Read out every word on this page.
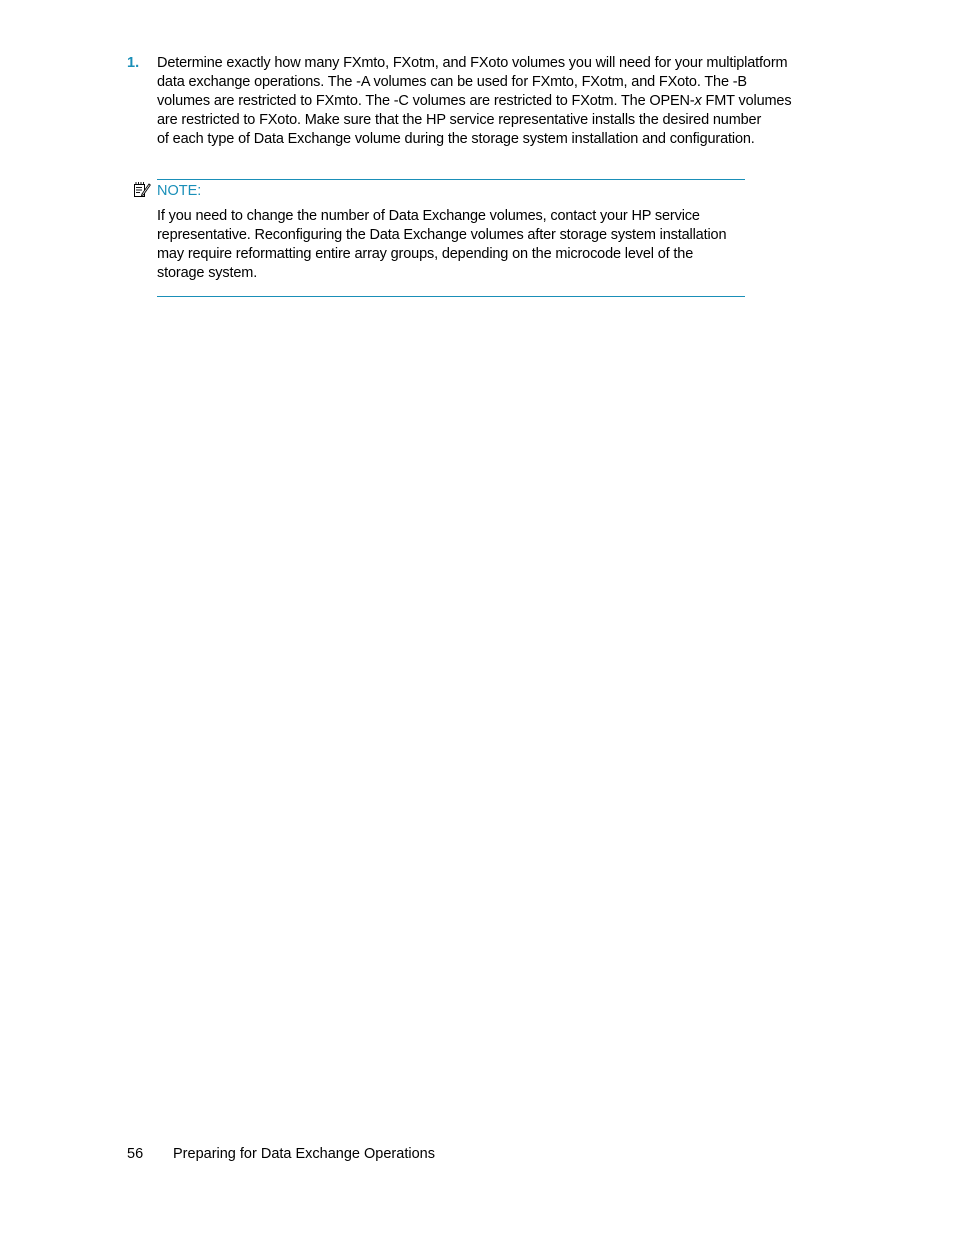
1. Determine exactly how many FXmto, FXotm, and FXoto volumes you will need for your multiplatform
data exchange operations. The -A volumes can be used for FXmto, FXotm, and FXoto. The -B
volumes are restricted to FXmto. The -C volumes are restricted to FXotm. The OPEN-x FMT volumes
are restricted to FXoto. Make sure that the HP service representative installs the desired number
of each type of Data Exchange volume during the storage system installation and configuration.
NOTE:
If you need to change the number of Data Exchange volumes, contact your HP service
representative. Reconfiguring the Data Exchange volumes after storage system installation
may require reformatting entire array groups, depending on the microcode level of the
storage system.
56 Preparing for Data Exchange Operations
